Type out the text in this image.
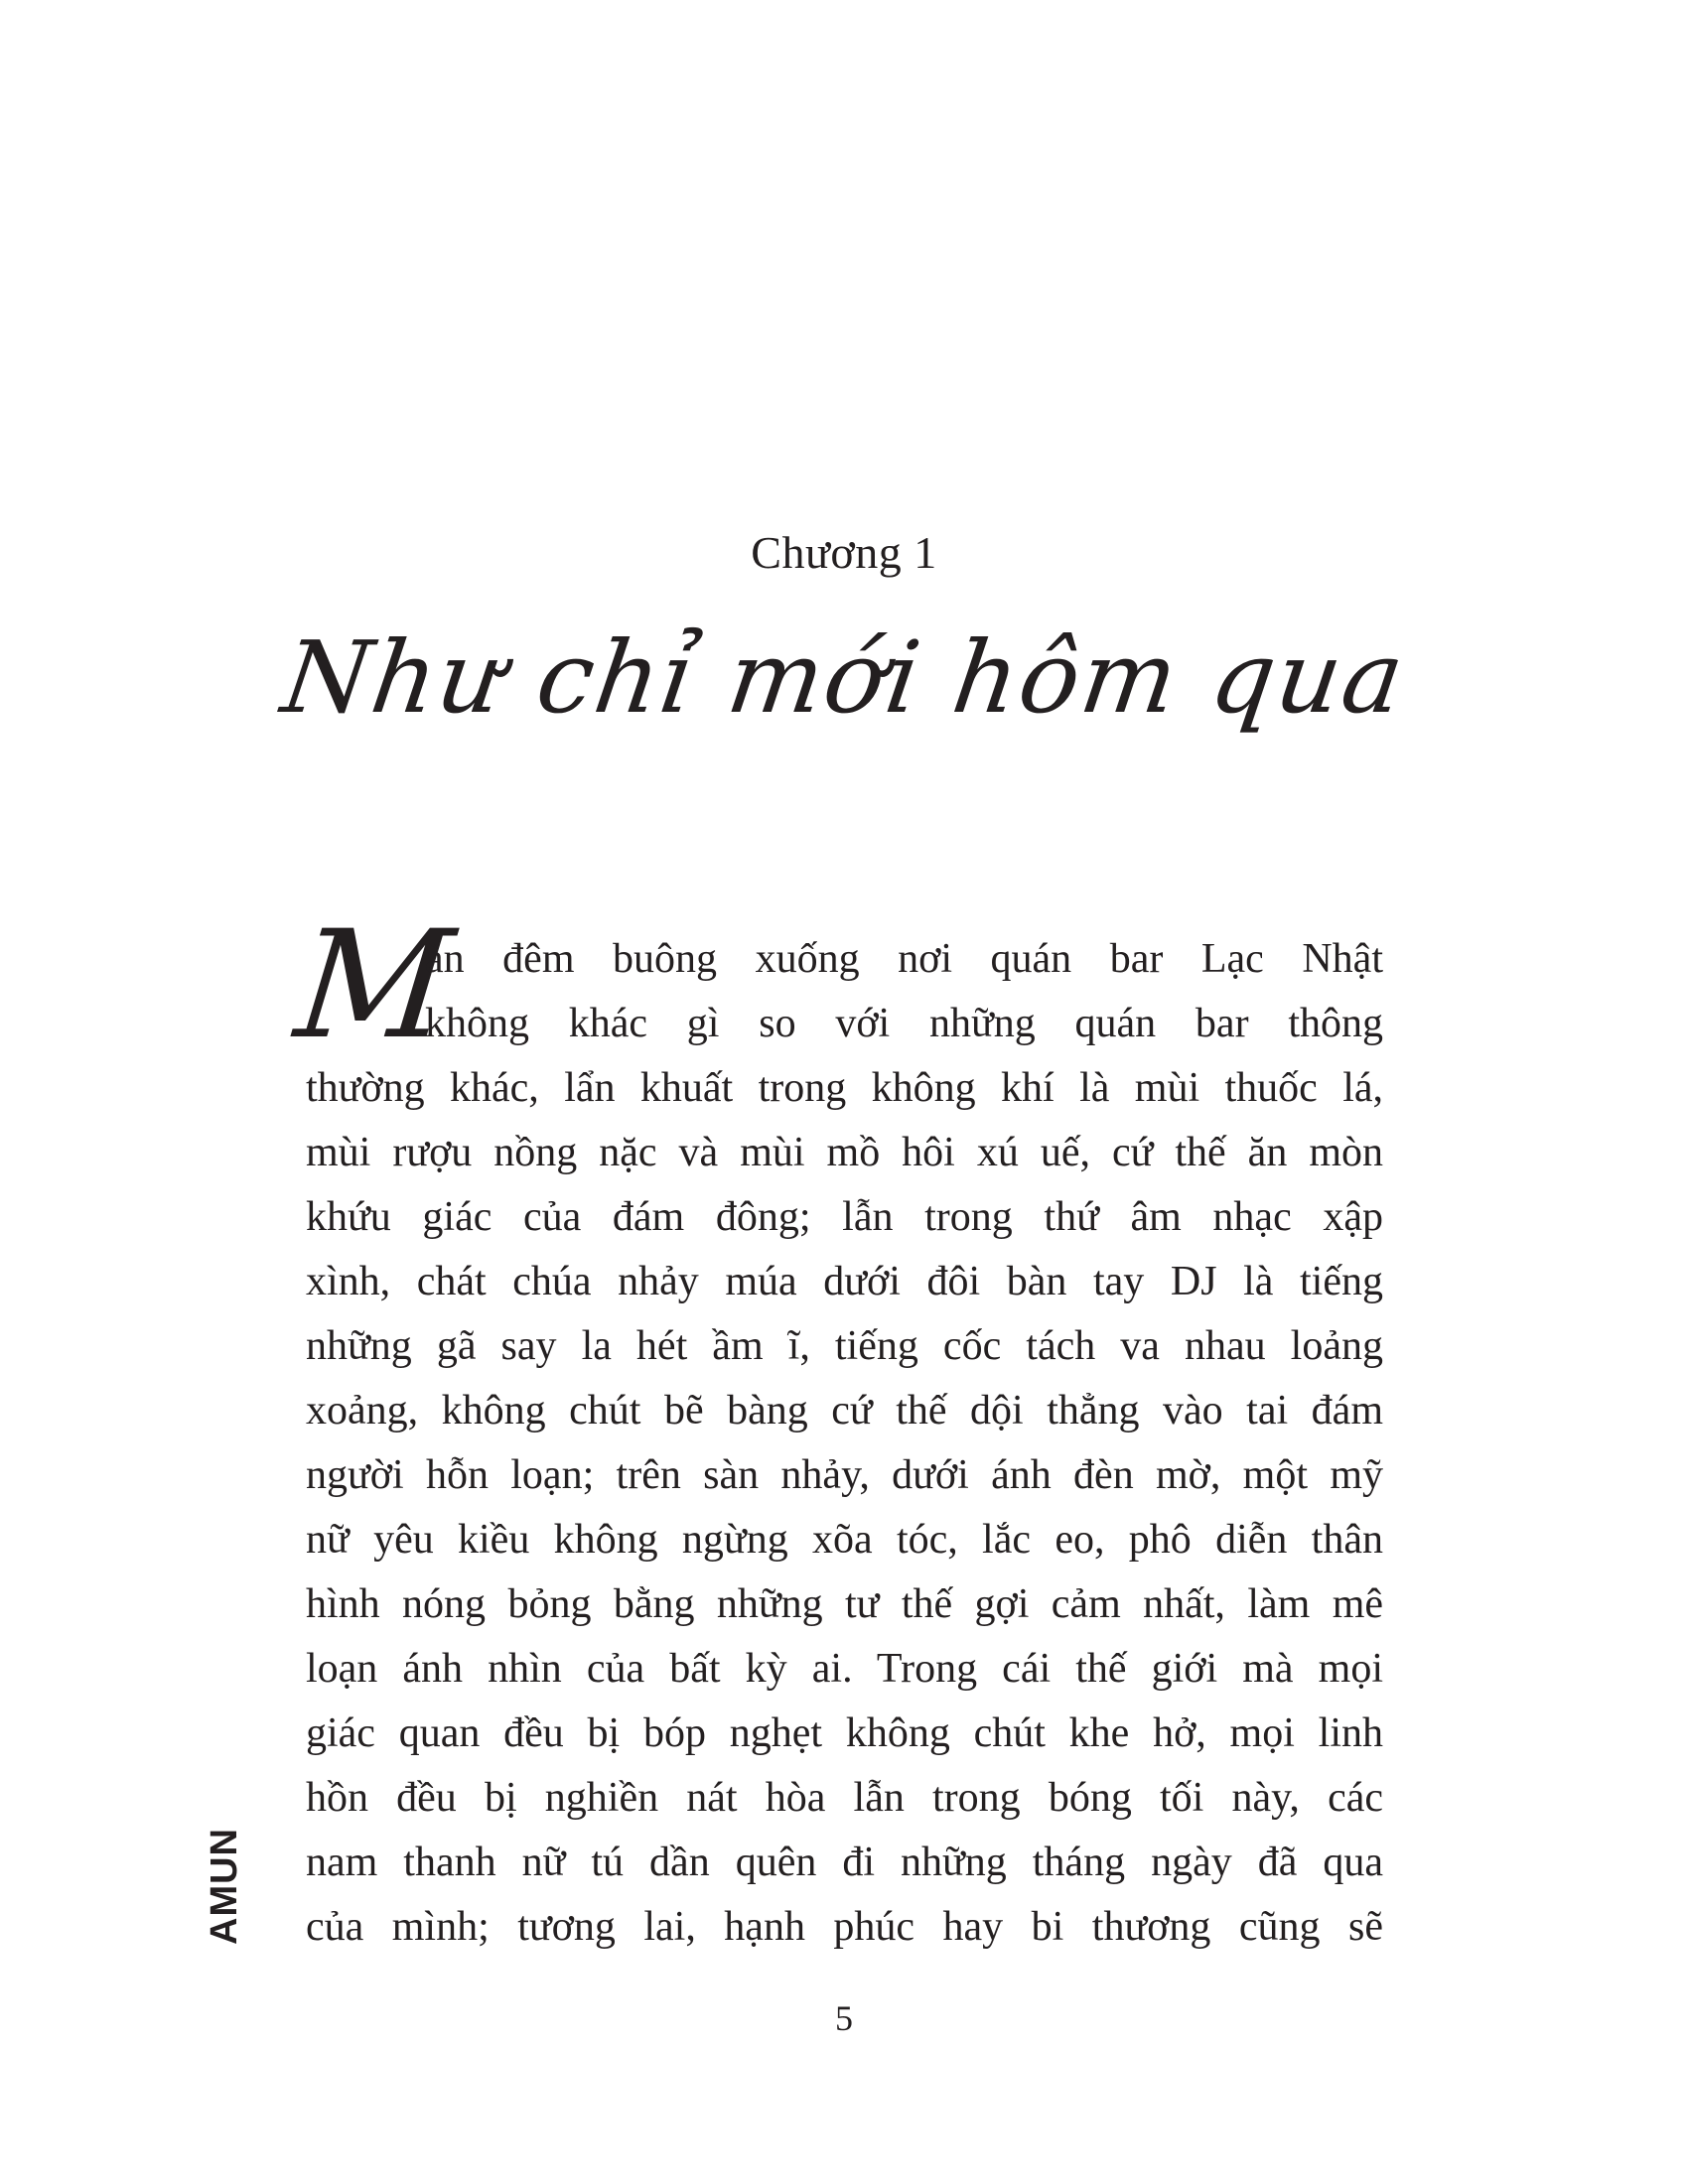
Chương 1
Như chỉ mới hôm qua
M
àn đêm buông xuống nơi quán bar Lạc Nhật
không khác gì so với những quán bar thông
thường khác, lẩn khuất trong không khí là mùi thuốc lá,
mùi rượu nồng nặc và mùi mồ hôi xú uế, cứ thế ăn mòn
khứu giác của đám đông; lẫn trong thứ âm nhạc xập
xình, chát chúa nhảy múa dưới đôi bàn tay DJ là tiếng
những gã say la hét ầm ĩ, tiếng cốc tách va nhau loảng
xoảng, không chút bẽ bàng cứ thế dội thẳng vào tai đám
người hỗn loạn; trên sàn nhảy, dưới ánh đèn mờ, một mỹ
nữ yêu kiều không ngừng xõa tóc, lắc eo, phô diễn thân
hình nóng bỏng bằng những tư thế gợi cảm nhất, làm mê
loạn ánh nhìn của bất kỳ ai. Trong cái thế giới mà mọi
giác quan đều bị bóp nghẹt không chút khe hở, mọi linh
hồn đều bị nghiền nát hòa lẫn trong bóng tối này, các
nam thanh nữ tú dần quên đi những tháng ngày đã qua
của mình; tương lai, hạnh phúc hay bi thương cũng sẽ
AMUN
5
